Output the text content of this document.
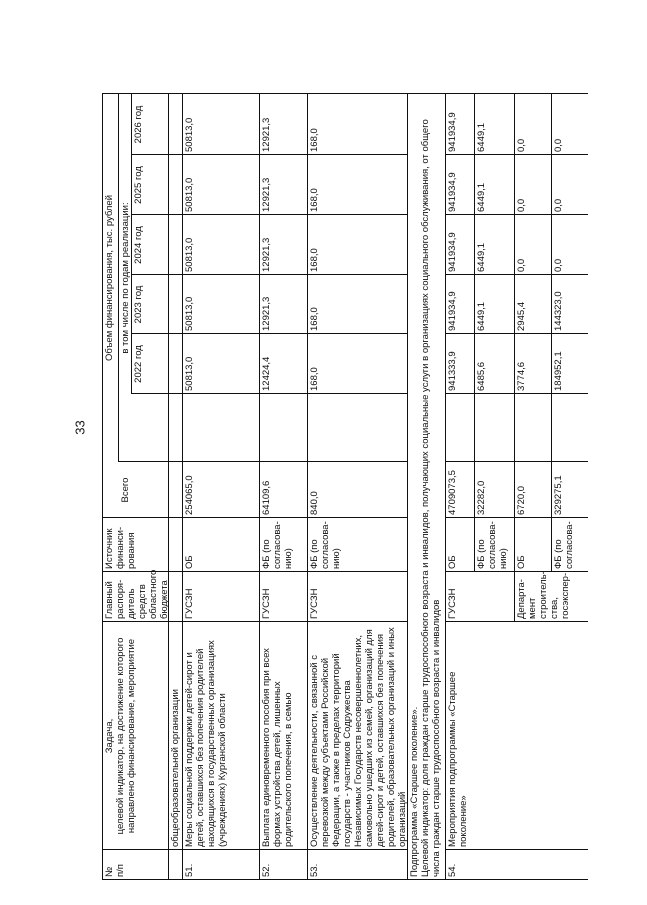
33
№
п/п
Задача,
целевой индикатор, на достижение которого
направлено финансирование, мероприятие
Главный
распоря-
дитель
средств
областного
бюджета
Источник
финанси-
рования
Объем финансирования, тыс. рублей
Всего
в том числе по годам реализации:
2022 год
2023 год
2024 год
2025 год
2026 год
общеобразовательной организации
51.
Меры социальной поддержки детей-сирот и детей, оставшихся без попечения родителей находящихся в государственных организациях (учреждениях) Курганской области
ГУСЗН
ОБ
254065,0
50813,0
50813,0
50813,0
50813,0
50813,0
52.
Выплата единовременного пособия при всех формах устройства детей, лишенных родительского попечения, в семью
ГУСЗН
ФБ (по согласова-нию)
64109,6
12424,4
12921,3
12921,3
12921,3
12921,3
53.
Осуществление деятельности, связанной с перевозкой между субъектами Российской Федерации, а также в пределах территорий государств - участников Содружества Независимых Государств несовершеннолетних, самовольно ушедших из семей, организаций для детей-сирот и детей, оставшихся без попечения родителей, образовательных организаций и иных организаций
ГУСЗН
ФБ (по согласова-нию)
840,0
168,0
168,0
168,0
168,0
168,0
Подпрограмма «Старшее поколение».
Целевой индикатор: доля граждан старше трудоспособного возраста и инвалидов, получающих социальные услуги в организациях социального обслуживания, от общего числа граждан старше трудоспособного возраста и инвалидов
54.
Мероприятия подпрограммы «Старшее поколение»
ГУСЗН
ОБ
4709073,5
941333,9
941934,9
941934,9
941934,9
941934,9
ФБ (по согласова-нию)
32282,0
6485,6
6449,1
6449,1
6449,1
6449,1
Департа-мент строитель-ства, госэкспер-
ОБ
6720,0
3774,6
2945,4
0,0
0,0
0,0
ФБ (по согласова-
329275,1
184952,1
144323,0
0,0
0,0
0,0
